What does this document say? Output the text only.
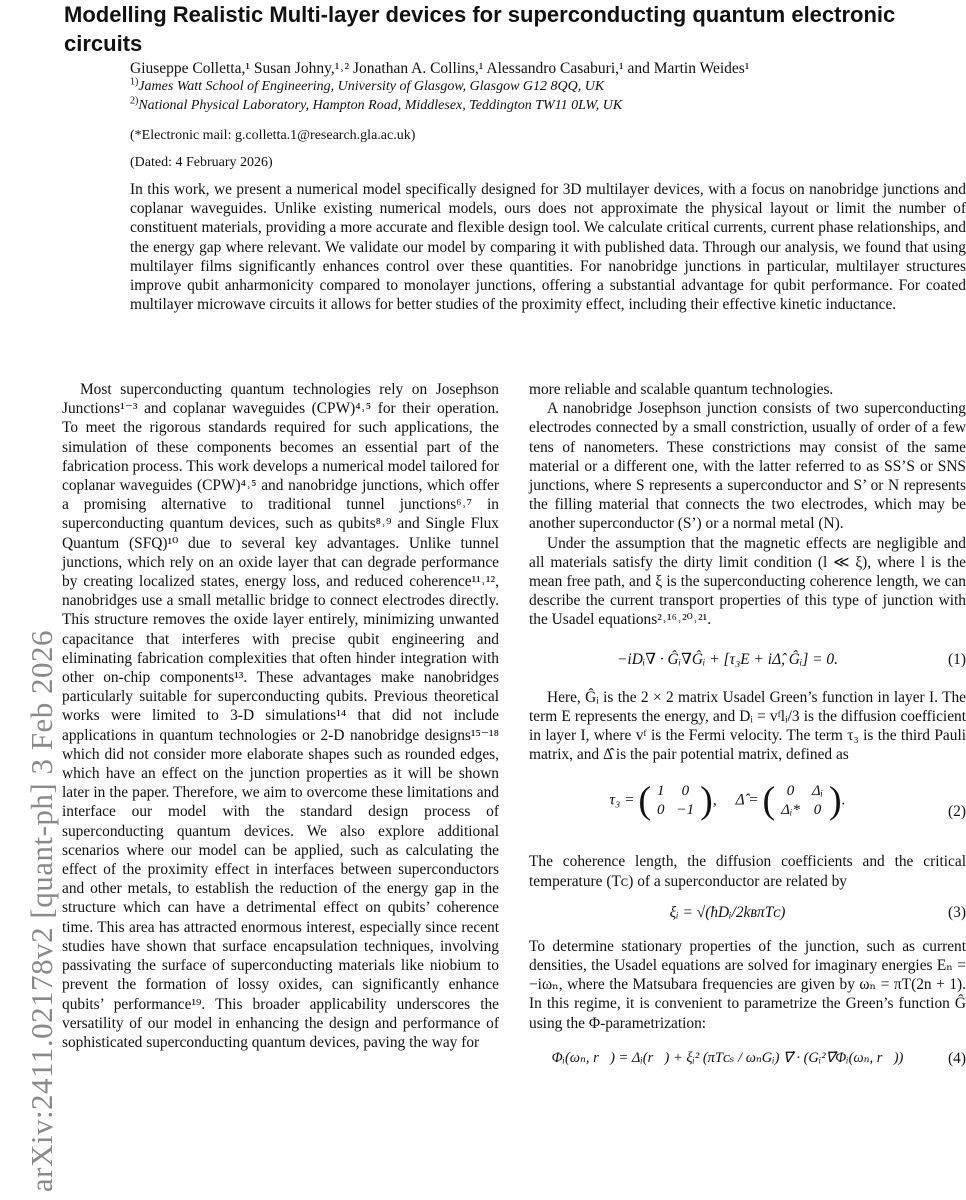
arXiv:2411.02178v2 [quant-ph] 3 Feb 2026
Modelling Realistic Multi-layer devices for superconducting quantum electronic circuits
Giuseppe Colletta,¹ Susan Johny,¹˒² Jonathan A. Collins,¹ Alessandro Casaburi,¹ and Martin Weides¹
$^{1)}$James Watt School of Engineering, University of Glasgow, Glasgow G12 8QQ, UK
$^{2)}$National Physical Laboratory, Hampton Road, Middlesex, Teddington TW11 0LW, UK
(*Electronic mail: g.colletta.1@research.gla.ac.uk)
(Dated: 4 February 2026)
In this work, we present a numerical model specifically designed for 3D multilayer devices, with a focus on nanobridge junctions and coplanar waveguides. Unlike existing numerical models, ours does not approximate the physical layout or limit the number of constituent materials, providing a more accurate and flexible design tool. We calculate critical currents, current phase relationships, and the energy gap where relevant. We validate our model by comparing it with published data. Through our analysis, we found that using multilayer films significantly enhances control over these quantities. For nanobridge junctions in particular, multilayer structures improve qubit anharmonicity compared to monolayer junctions, offering a substantial advantage for qubit performance. For coated multilayer microwave circuits it allows for better studies of the proximity effect, including their effective kinetic inductance.

Most superconducting quantum technologies rely on Josephson Junctions¹⁻³ and coplanar waveguides (CPW)⁴˒⁵ for their operation. To meet the rigorous standards required for such applications, the simulation of these components becomes an essential part of the fabrication process. This work develops a numerical model tailored for coplanar waveguides (CPW)⁴˒⁵ and nanobridge junctions, which offer a promising alternative to traditional tunnel junctions⁶˒⁷ in superconducting quantum devices, such as qubits⁸˒⁹ and Single Flux Quantum (SFQ)¹⁰ due to several key advantages. Unlike tunnel junctions, which rely on an oxide layer that can degrade performance by creating localized states, energy loss, and reduced coherence¹¹˒¹², nanobridges use a small metallic bridge to connect electrodes directly. This structure removes the oxide layer entirely, minimizing unwanted capacitance that interferes with precise qubit engineering and eliminating fabrication complexities that often hinder integration with other on-chip components¹³. These advantages make nanobridges particularly suitable for superconducting qubits. Previous theoretical works were limited to 3-D simulations¹⁴ that did not include applications in quantum technologies or 2-D nanobridge designs¹⁵⁻¹⁸ which did not consider more elaborate shapes such as rounded edges, which have an effect on the junction properties as it will be shown later in the paper. Therefore, we aim to overcome these limitations and interface our model with the standard design process of superconducting quantum devices. We also explore additional scenarios where our model can be applied, such as calculating the effect of the proximity effect in interfaces between superconductors and other metals, to establish the reduction of the energy gap in the structure which can have a detrimental effect on qubits’ coherence time. This area has attracted enormous interest, especially since recent studies have shown that surface encapsulation techniques, involving passivating the surface of superconducting materials like niobium to prevent the formation of lossy oxides, can significantly enhance qubits’ performance¹⁹. This broader applicability underscores the versatility of our model in enhancing the design and performance of sophisticated superconducting quantum devices, paving the way for

more reliable and scalable quantum technologies.

A nanobridge Josephson junction consists of two superconducting electrodes connected by a small constriction, usually of order of a few tens of nanometers. These constrictions may consist of the same material or a different one, with the latter referred to as SS’S or SNS junctions, where S represents a superconductor and S’ or N represents the filling material that connects the two electrodes, which may be another superconductor (S’) or a normal metal (N).

Under the assumption that the magnetic effects are negligible and all materials satisfy the dirty limit condition (l ≪ ξ), where l is the mean free path, and ξ is the superconducting coherence length, we can describe the current transport properties of this type of junction with the Usadel equations²˒¹⁶˒²⁰˒²¹.

−iDᵢ∇ · Ĝᵢ∇Ĝᵢ + [τ₃E + iΔ̂, Ĝᵢ] = 0.	(1)

Here, Ĝᵢ is the 2 × 2 matrix Usadel Green’s function in layer I. The term E represents the energy, and Dᵢ = vᶠlᵢ/3 is the diffusion coefficient in layer I, where vᶠ is the Fermi velocity. The term τ₃ is the third Pauli matrix, and Δ̂ is the pair potential matrix, defined as

τ₃ = ( 1	0
0	−1 ),     Δ̂ = ( 0	Δᵢ
Δᵢ*	0 ).
(2)

The coherence length, the diffusion coefficients and the critical temperature (Tᴄ) of a superconductor are related by

ξᵢ = √(ħDᵢ/2kʙπTᴄ)	(3)

To determine stationary properties of the junction, such as current densities, the Usadel equations are solved for imaginary energies Eₙ = −iωₙ, where the Matsubara frequencies are given by ωₙ = πT(2n + 1). In this regime, it is convenient to parametrize the Green’s function Ĝ using the Φ-parametrization:

Φᵢ(ωₙ, r⃗) = Δᵢ(r⃗) + ξᵢ² (πTᴄₛ / ωₙGᵢ) ∇⃗ · (Gᵢ²∇⃗Φᵢ(ωₙ, r⃗))	(4)
